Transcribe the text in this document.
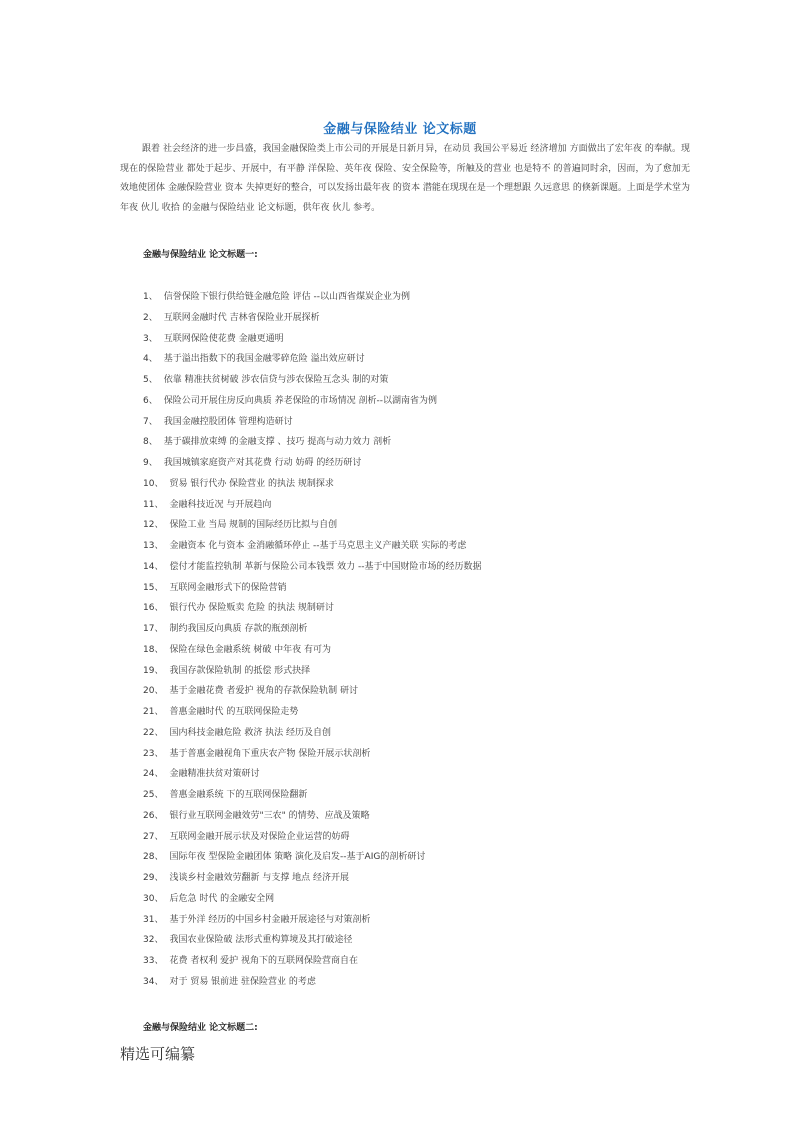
金融与保险结业 论文标题
跟着 社会经济的进一步昌盛，我国金融保险类上市公司的开展是日新月异，在动员 我国公平易近 经济增加 方面做出了宏年夜 的奉献。现现在的保险营业 都处于起步、开展中，有平静 洋保险、英年夜 保险、安全保险等，所触及的营业 也是特不 的普遍同时余，因而，为了愈加无效地使团体 金融保险营业 资本 失掉更好的整合，可以发扬出最年夜 的资本 潜能在现现在是一个理想跟 久远意思 的倏新课题。上面是学术堂为年夜 伙儿 收拾 的金融与保险结业 论文标题，供年夜 伙儿 参考。
金融与保险结业 论文标题一:
1、 信誉保险下银行供给链金融危险 评估 --以山西省煤炭企业为例
2、 互联网金融时代 吉林省保险业开展探析
3、 互联网保险使花费 金融更通明
4、 基于溢出指数下的我国金融零碎危险 溢出效应研讨
5、 依靠 精准扶贫树破 涉农信贷与涉农保险互念头 制的对策
6、 保险公司开展住房反向典质 养老保险的市场情况 剖析--以湖南省为例
7、 我国金融控股团体 管理构造研讨
8、 基于碳排放束缚 的金融支撑 、技巧 提高与动力效力 剖析
9、 我国城镇家庭资产对其花费 行动 妨碍 的经历研讨
10、 贸易 银行代办 保险营业 的执法 规制探求
11、 金融科技近况 与开展趋向
12、 保险工业 当局 规制的国际经历比拟与自创
13、 金融资本 化与资本 金消融循环停止 --基于马克思主义产融关联 实际的考虑
14、 偿付才能监控轨制 革新与保险公司本钱票 效力 --基于中国财险市场的经历数据
15、 互联网金融形式下的保险营销
16、 银行代办 保险贩卖 危险 的执法 规制研讨
17、 制约我国反向典质 存款的瓶颈剖析
18、 保险在绿色金融系统 树破 中年夜 有可为
19、 我国存款保险轨制 的抵偿 形式抉择
20、 基于金融花费 者爱护 视角的存款保险轨制 研讨
21、 普惠金融时代 的互联网保险走势
22、 国内科技金融危险 救济 执法 经历及自创
23、 基于普惠金融视角下重庆农产物 保险开展示状剖析
24、 金融精准扶贫对策研讨
25、 普惠金融系统 下的互联网保险翻新
26、 银行业互联网金融效劳"三农" 的情势、应战及策略
27、 互联网金融开展示状及对保险企业运营的妨碍
28、 国际年夜 型保险金融团体 策略 演化及启发--基于AIG的剖析研讨
29、 浅谈乡村金融效劳翻新 与支撑 地点 经济开展
30、 后危急 时代 的金融安全网
31、 基于外洋 经历的中国乡村金融开展途径与对策剖析
32、 我国农业保险破 法形式重构算境及其打破途径
33、 花费 者权利 爱护 视角下的互联网保险营商自在
34、 对于 贸易 银前进 驻保险营业 的考虑
金融与保险结业 论文标题二:
精选可编纂
